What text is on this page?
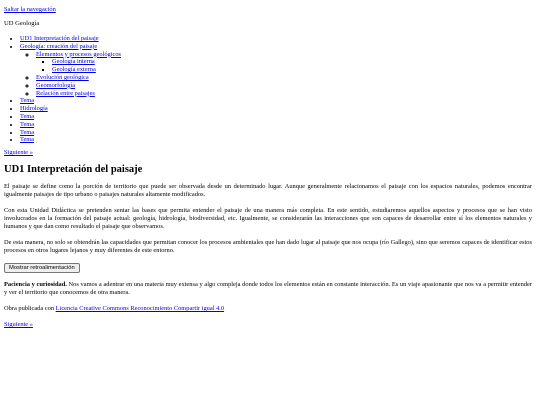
Saltar la navegación
UD Geología
• UD1 Interpretación del paisaje
• Geología: creación del paisaje
◦ Elementos y procesos geológicos
▪ Geología interna
▪ Geología externa
◦ Evolución geológica
◦ Geomorfología
◦ Relación entre paisajes
• Tema
• Hidrología
• Tema
• Tema
• Tema
• Tema
Siguiente »
UD1 Interpretación del paisaje

El paisaje se define como la porción de territorio que puede ser observada desde un determinado lugar. Aunque generalmente relacionamos el paisaje con los espacios naturales, podemos encontrar igualmente paisajes de tipo urbano o paisajes naturales altamente modificados.

Con esta Unidad Didáctica se pretenden sentar las bases que permita entender el paisaje de una manera más completa. En este sentido, estudiaremos aquellos aspectos y procesos que se han visto involucrados en la formación del paisaje actual: geología, hidrología, biodiversidad, etc. Igualmente, se considerarán las interacciones que son capaces de desarrollar entre sí los elementos naturales y humanos y que dan como resultado el paisaje que observamos.

De esta manera, no solo se obtendrán las capacidades que permitan conocer los procesos ambientales que han dado lugar al paisaje que nos ocupa (río Gallego), sino que seremos capaces de identificar estos procesos en otros lugares lejanos y muy diferentes de este entorno.

Mostrar retroalimentación

Paciencia y curiosidad. Nos vamos a adentrar en una materia muy extensa y algo compleja donde todos los elementos están en constante interacción. Es un viaje apasionante que nos va a permitir entender y ver el territorio que conocemos de otra manera.

Obra publicada con Licencia Creative Commons Reconocimiento Compartir igual 4.0

Siguiente »
